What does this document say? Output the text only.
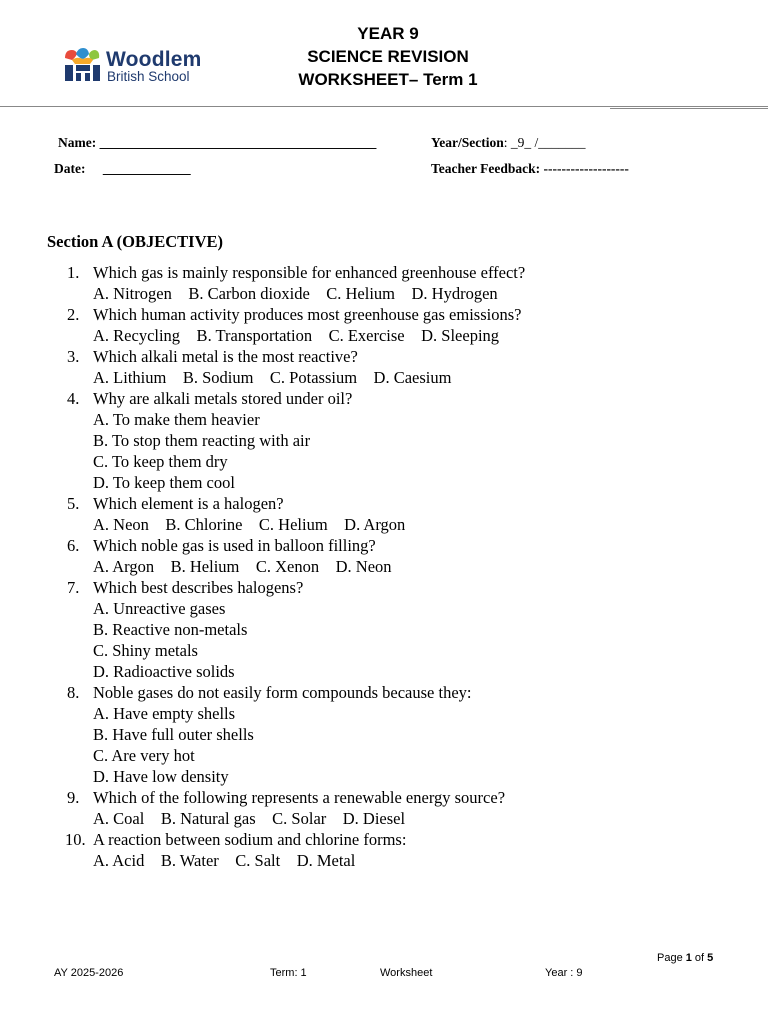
Woodlem
British School
YEAR 9
SCIENCE REVISION
WORKSHEET– Term 1
Name: _________________________________________	Year/Section: _9_ /_______
Date: _____________	Teacher Feedback: -------------------
Section A (OBJECTIVE)
1. Which gas is mainly responsible for enhanced greenhouse effect?
A. Nitrogen    B. Carbon dioxide    C. Helium    D. Hydrogen
2. Which human activity produces most greenhouse gas emissions?
A. Recycling    B. Transportation    C. Exercise    D. Sleeping
3. Which alkali metal is the most reactive?
A. Lithium    B. Sodium    C. Potassium    D. Caesium
4. Why are alkali metals stored under oil?
A. To make them heavier
B. To stop them reacting with air
C. To keep them dry
D. To keep them cool
5. Which element is a halogen?
A. Neon    B. Chlorine    C. Helium    D. Argon
6. Which noble gas is used in balloon filling?
A. Argon    B. Helium    C. Xenon    D. Neon
7. Which best describes halogens?
A. Unreactive gases
B. Reactive non-metals
C. Shiny metals
D. Radioactive solids
8. Noble gases do not easily form compounds because they:
A. Have empty shells
B. Have full outer shells
C. Are very hot
D. Have low density
9. Which of the following represents a renewable energy source?
A. Coal    B. Natural gas    C. Solar    D. Diesel
10. A reaction between sodium and chlorine forms:
A. Acid    B. Water    C. Salt    D. Metal
Page 1 of 5
AY 2025-2026	Term: 1	Worksheet	Year : 9
